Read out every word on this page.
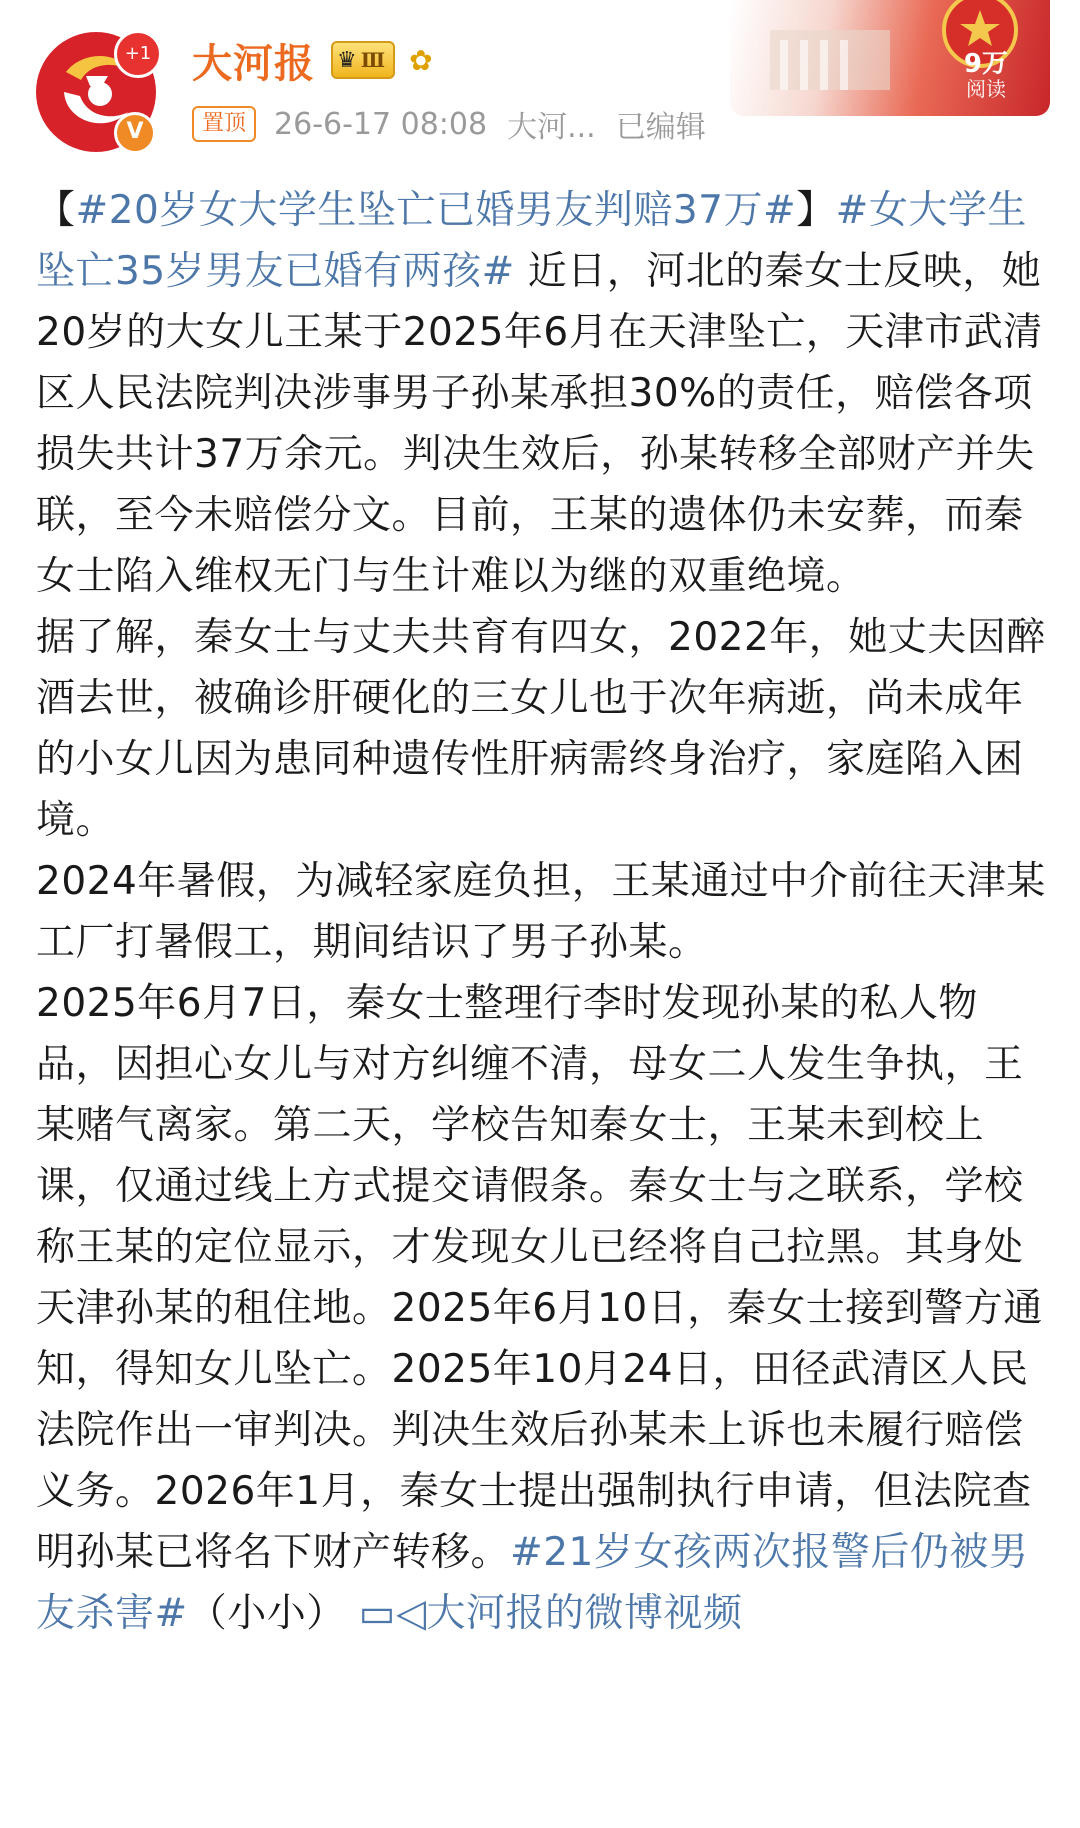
+1
V
大河报 ♛ Ⅲ ✿
置顶 26-6-17 08:08 大河... 已编辑
9万
阅读

【#20岁女大学生坠亡已婚男友判赔37万#】#女大学生坠亡35岁男友已婚有两孩# 近日，河北的秦女士反映，她20岁的大女儿王某于2025年6月在天津坠亡，天津市武清区人民法院判决涉事男子孙某承担30%的责任，赔偿各项损失共计37万余元。判决生效后，孙某转移全部财产并失联，至今未赔偿分文。目前，王某的遗体仍未安葬，而秦女士陷入维权无门与生计难以为继的双重绝境。

据了解，秦女士与丈夫共育有四女，2022年，她丈夫因醉酒去世，被确诊肝硬化的三女儿也于次年病逝，尚未成年的小女儿因为患同种遗传性肝病需终身治疗，家庭陷入困境。

2024年暑假，为减轻家庭负担，王某通过中介前往天津某工厂打暑假工，期间结识了男子孙某。

2025年6月7日，秦女士整理行李时发现孙某的私人物品，因担心女儿与对方纠缠不清，母女二人发生争执，王某赌气离家。第二天，学校告知秦女士，王某未到校上课，仅通过线上方式提交请假条。秦女士与之联系，学校称王某的定位显示，才发现女儿已经将自己拉黑。其身处天津孙某的租住地。2025年6月10日，秦女士接到警方通知，得知女儿坠亡。2025年10月24日，田径武清区人民法院作出一审判决。判决生效后孙某未上诉也未履行赔偿义务。2026年1月，秦女士提出强制执行申请，但法院查明孙某已将名下财产转移。#21岁女孩两次报警后仍被男友杀害#（小小） ▭◁大河报的微博视频
